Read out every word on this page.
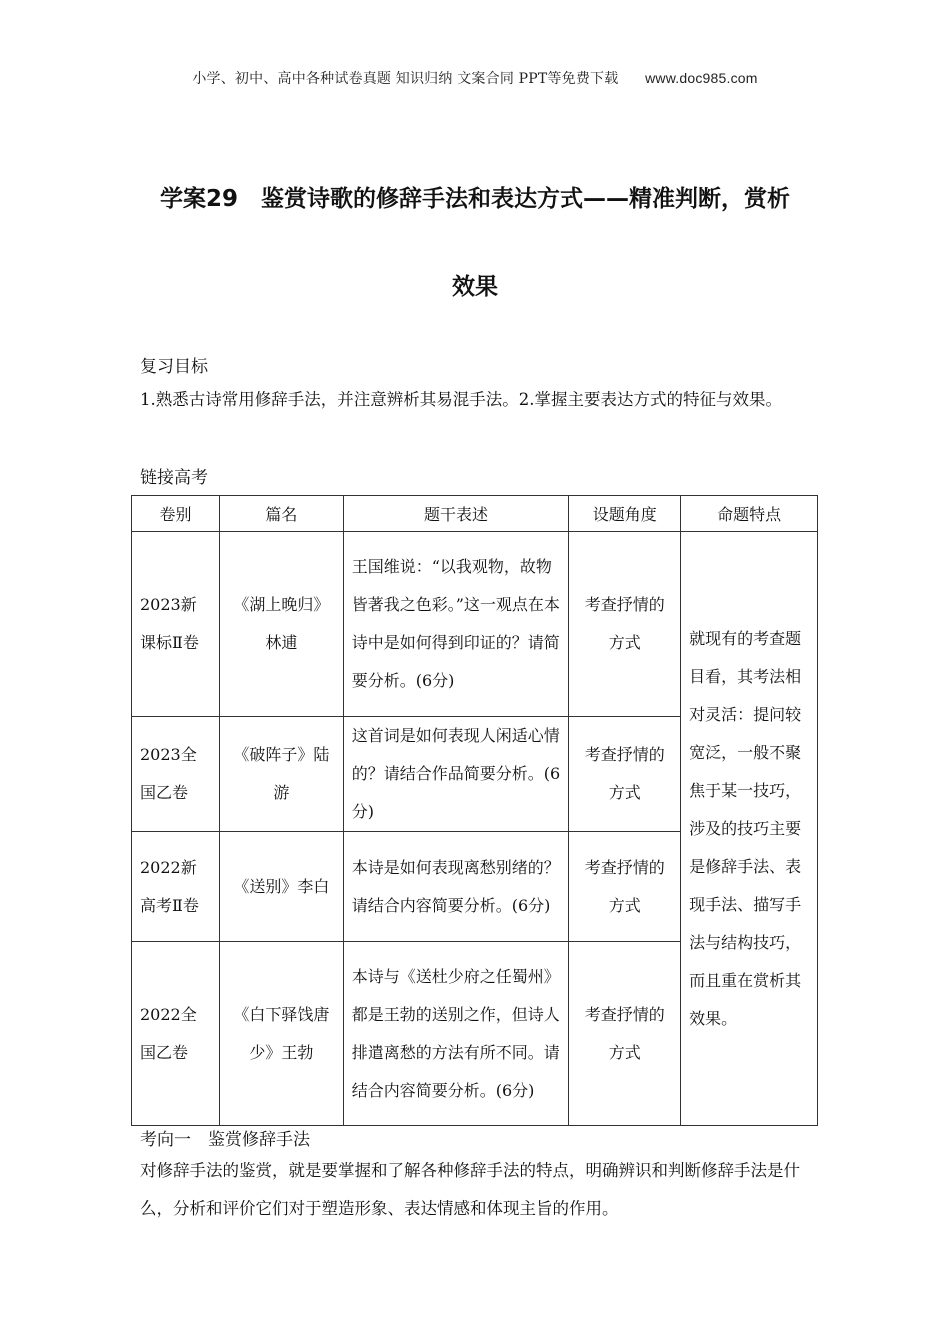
小学、初中、高中各种试卷真题 知识归纳 文案合同 PPT等免费下载 www.doc985.com
学案29　鉴赏诗歌的修辞手法和表达方式——精准判断，赏析
效果
复习目标
1.熟悉古诗常用修辞手法，并注意辨析其易混手法。2.掌握主要表达方式的特征与效果。
链接高考
卷别	篇名	题干表述	设题角度	命题特点
2023新课标Ⅱ卷	《湖上晚归》林逋	王国维说：“以我观物，故物皆著我之色彩。”这一观点在本诗中是如何得到印证的？请简要分析。(6分)	考查抒情的方式	就现有的考查题目看，其考法相对灵活：提问较宽泛，一般不聚焦于某一技巧，涉及的技巧主要是修辞手法、表现手法、描写手法与结构技巧，而且重在赏析其效果。
2023全国乙卷	《破阵子》陆游	这首词是如何表现人闲适心情的？请结合作品简要分析。(6分)	考查抒情的方式	
2022新高考Ⅱ卷	《送别》李白	本诗是如何表现离愁别绪的？请结合内容简要分析。(6分)	考查抒情的方式	
2022全国乙卷	《白下驿饯唐少》王勃	本诗与《送杜少府之任蜀州》都是王勃的送别之作，但诗人排遣离愁的方法有所不同。请结合内容简要分析。(6分)	考查抒情的方式	
考向一　鉴赏修辞手法
对修辞手法的鉴赏，就是要掌握和了解各种修辞手法的特点，明确辨识和判断修辞手法是什么，分析和评价它们对于塑造形象、表达情感和体现主旨的作用。
